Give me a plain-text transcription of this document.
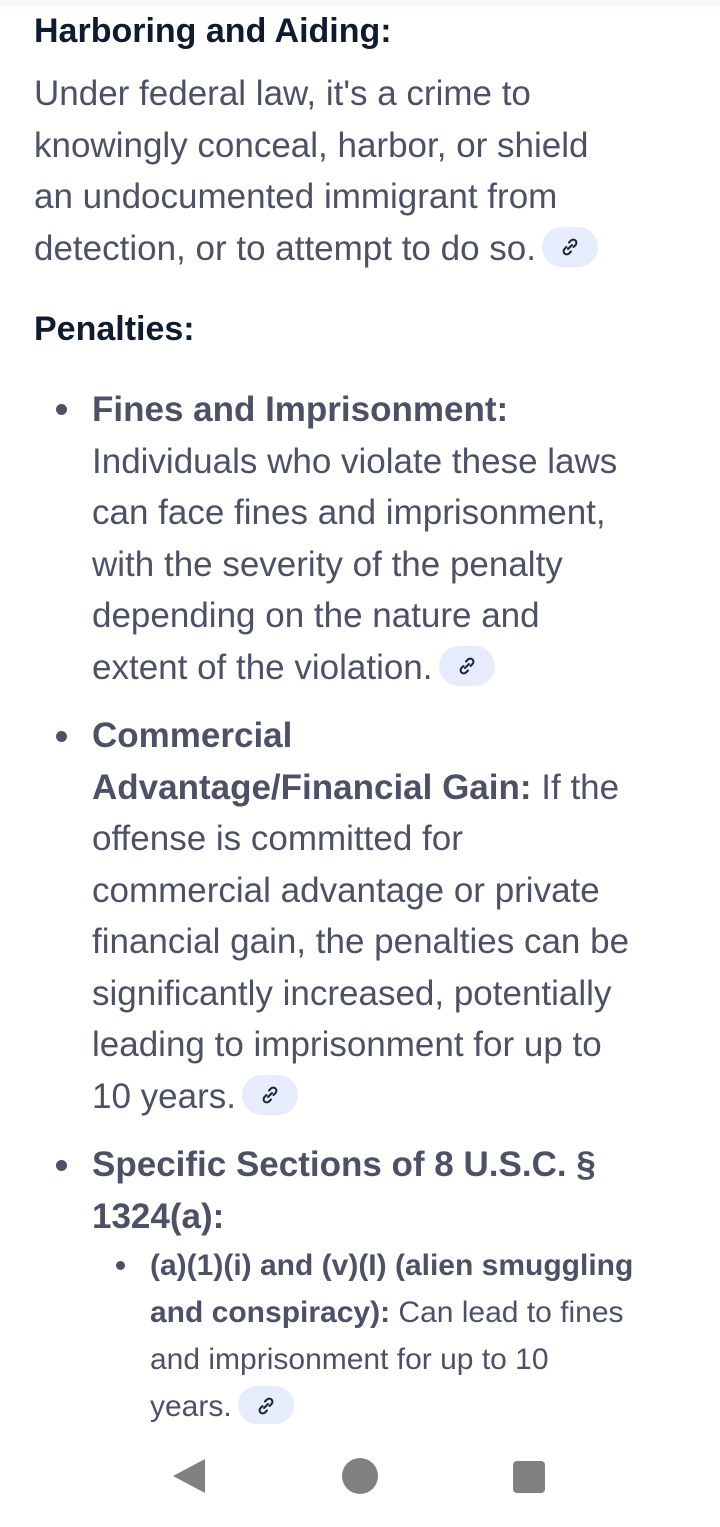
Harboring and Aiding:
Under federal law, it's a crime to
knowingly conceal, harbor, or shield
an undocumented immigrant from
detection, or to attempt to do so.
Penalties:
Fines and Imprisonment:
Individuals who violate these laws
can face fines and imprisonment,
with the severity of the penalty
depending on the nature and
extent of the violation.
Commercial
Advantage/Financial Gain: If the
offense is committed for
commercial advantage or private
financial gain, the penalties can be
significantly increased, potentially
leading to imprisonment for up to
10 years.
Specific Sections of 8 U.S.C. §
1324(a):
(a)(1)(i) and (v)(I) (alien smuggling
and conspiracy): Can lead to fines
and imprisonment for up to 10
years.
